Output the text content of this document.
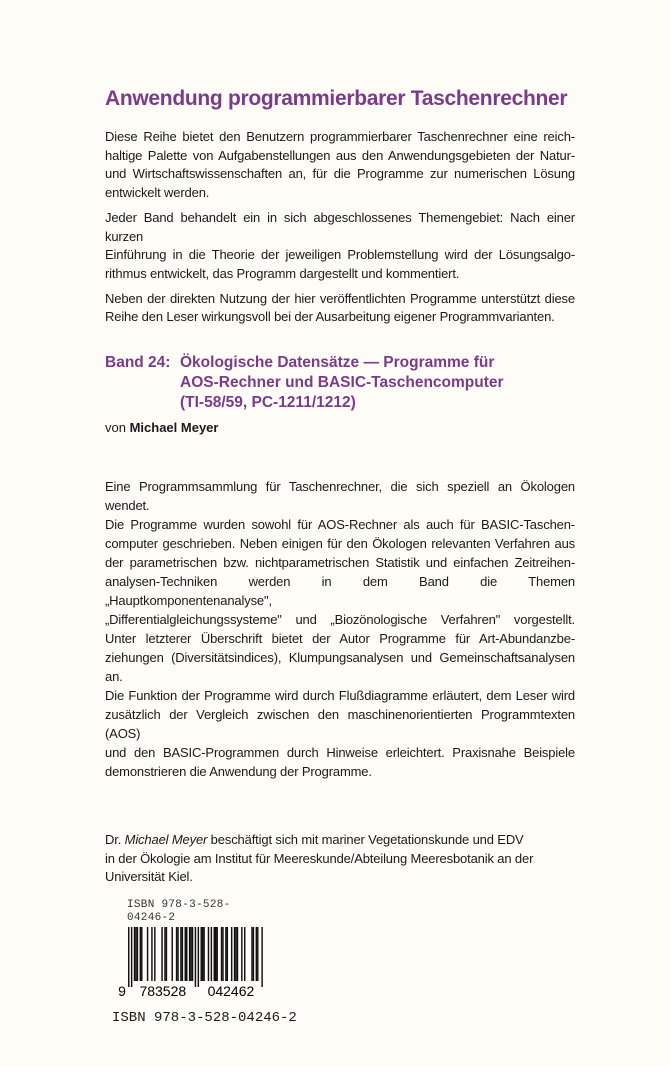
Anwendung programmierbarer Taschenrechner
Diese Reihe bietet den Benutzern programmierbarer Taschenrechner eine reich-
haltige Palette von Aufgabenstellungen aus den Anwendungsgebieten der Natur-
und Wirtschaftswissenschaften an, für die Programme zur numerischen Lösung
entwickelt werden.
Jeder Band behandelt ein in sich abgeschlossenes Themengebiet: Nach einer kurzen
Einführung in die Theorie der jeweiligen Problemstellung wird der Lösungsalgo-
rithmus entwickelt, das Programm dargestellt und kommentiert.
Neben der direkten Nutzung der hier veröffentlichten Programme unterstützt diese
Reihe den Leser wirkungsvoll bei der Ausarbeitung eigener Programmvarianten.
Band 24: Ökologische Datensätze — Programme für
AOS-Rechner und BASIC-Taschencomputer
(TI-58/59, PC-1211/1212)
von Michael Meyer
Eine Programmsammlung für Taschenrechner, die sich speziell an Ökologen wendet.
Die Programme wurden sowohl für AOS-Rechner als auch für BASIC-Taschen-
computer geschrieben. Neben einigen für den Ökologen relevanten Verfahren aus
der parametrischen bzw. nichtparametrischen Statistik und einfachen Zeitreihen-
analysen-Techniken werden in dem Band die Themen „Hauptkomponentenanalyse",
„Differentialgleichungssysteme" und „Biozönologische Verfahren" vorgestellt.
Unter letzterer Überschrift bietet der Autor Programme für Art-Abundanzbe-
ziehungen (Diversitätsindices), Klumpungsanalysen und Gemeinschaftsanalysen an.
Die Funktion der Programme wird durch Flußdiagramme erläutert, dem Leser wird
zusätzlich der Vergleich zwischen den maschinenorientierten Programmtexten (AOS)
und den BASIC-Programmen durch Hinweise erleichtert. Praxisnahe Beispiele
demonstrieren die Anwendung der Programme.
Dr. Michael Meyer beschäftigt sich mit mariner Vegetationskunde und EDV
in der Ökologie am Institut für Meereskunde/Abteilung Meeresbotanik an der
Universität Kiel.
ISBN 978-3-528-04246-2
9 783528 042462
ISBN 978-3-528-04246-2
